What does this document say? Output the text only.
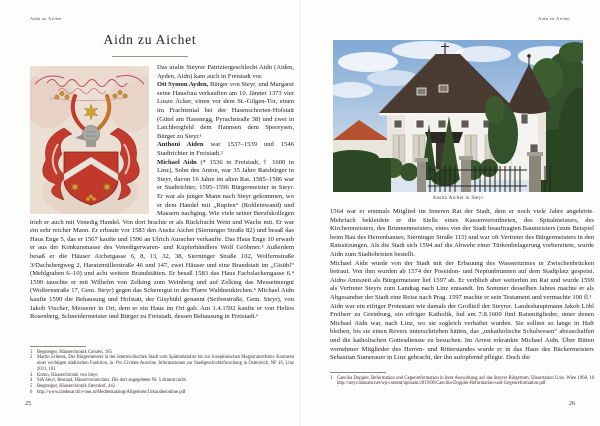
Aidn zu Aichet
Aidn zu Aichet

Das uralte Steyrer Patriziergeschlecht Aidn (Aiden, Ayden, Aidn) kam auch in Freistadt vor.

Ott Symon Ayden, Bürger von Steyr, und Margaret seine Hausfrau verkauften am 10. Jänner 1373 vier Lusze Äcker, einen vor dem St.-Gilgen-Tor, einen im Frachtental bei der Hasenschorten-Hofstatt (Gütel am Hasenegg, Pyrachstraße 38) und zwei in Laichbergfeld dem Hannsen dem Spereysen, Bürger zu Steyr.¹

Anthoni Aiden war 1537–1539 und 1546 Stadtrichter in Freistadt.²

Michael Aidn (* 1536 in Freistadt, † 1600 in Linz), Sohn des Anton, war 35 Jahre Ratsbürger in Steyr, davon 16 Jahre im alten Rat. 1585–1586 war er Stadtrichter, 1595–1596 Bürgermeister in Steyr. Er war als junger Mann nach Steyr gekommen, wo er dem Handel mit „Rupfen“ (Rohleinwand) und Massern nachging. Wie viele seiner Berufskollegen trieb er auch mit Venedig Handel. Von dort brachte er als Rückfracht Wein und Wachs mit. Er war ein sehr reicher Mann. Er erbaute vor 1583 den Ansitz Aichet (Sierninger Straße 82) und besaß das Haus Enge 5, das er 1567 kaufte und 1596 an Ulrich Auracher verkaufte. Das Haus Enge 10 erwarb er aus der Konkursmasse des Venedigerwaren- und Kupferhändlers Wolf Gröbmer.³ Außerdem besaß er die Häuser Aichetgasse 6, 8, 13, 32, 38, Sierninger Straße 102, Wolfernstraße 3/Dachsbergweg 2, Haratzmüllerstraße 46 und 147, zwei Häuser und eine Brandstatt im „Gisübl“ (Mehlgraben 6–10) und acht weitere Brandstätten. Er besaß 1583 das Haus Fachslackengasse 6.⁴ 1590 tauschte er mit Wilhelm von Zelking zum Weinberg und auf Zelking das Messeimergut (Wolfernstraße 17, Gem. Steyr) gegen das Scherergut in der Pfarre Waldneukirchen.⁵ Michael Aidn kaufte 1590 die Behausung und Hofstatt, der Gisybühl genannt (Seifenstraße, Gem. Steyr), von Jakob Vischer, Messerer in Ort, dem er ein Haus im Ort gab. Am 1.4.1592 kaufte er von Helios Rosenberg, Schneidermeister und Bürger zu Freistadt, dessen Behausung in Freistadt.⁶

1 Begsteiger, Häuserchronik Garsten, 185
2 Martin Scheutz, Der Bürgermeister in der österreichischen Stadt vom Spätmittelalter bis zur Josephinischen Magistratsreform: Konturen einer wichtigen städtischen Funktion, in: Pro Civitate Austriae, Informationen zur Stadtgeschichtsforschung in Österreich, NF 16, Linz 2011, 101
3 Krenn, Häuserchronik von Steyr
4 StA Steyr, Bestand, Häuserverzeichnis. Die dort angegebene Nr. 5 stimmt nicht.
5 Begsteiger, Häuserchronik Steyrdorf, 442
6 http://www.landesarchiv-ooe.at/Medienkatalog/Allgemein/Urkundenonline.pdf
25
Aidn zu Aichet
Ansitz Aichet in Steyr

1564 war er erstmals Mitglied im Inneren Rat der Stadt, dem er noch viele Jahre angehörte. Mehrfach bekleidete er die Stelle eines Kassenverordneten, des Spitalmeisters, des Kirchenmeisters, des Brunnenmeisters, eines von der Stadt beauftragten Baumeisters (zum Beispiel beim Bau des Herrenhauses, Sierninger Straße 115) und war oft Vertreter des Bürgermeisters in den Ratssitzungen. Als die Stadt sich 1594 auf die Abwehr einer Türkenbelagerung vorbereitete, wurde Aidn zum Stadtobristen bestellt.

Michael Aidn wurde von der Stadt mit der Erbauung des Wasserturmes in Zwischenbrücken betraut. Von ihm wurden ab 1574 der Poseidon- und Neptunbrunnen auf dem Stadtplatz gespeist. Aidns Amtszeit als Bürgermeister lief 1597 ab. Er verblieb aber weiterhin im Rat und wurde 1599 als Vertreter Steyrs zum Landtag nach Linz entsandt. Im Sommer desselben Jahres machte er als Abgesandter der Stadt eine Reise nach Prag. 1597 machte er sein Testament und vermachte 100 fl.¹

Aidn war ein eifriger Protestant wie damals der Großteil der Steyrer. Landeshauptmann Jakob Löbl Freiherr zu Greinburg, ein eifriger Katholik, lud am 7.8.1600 fünf Ratsmitglieder, unter denen Michael Aidn war, nach Linz, wo sie sogleich verhaftet wurden. Sie sollten so lange in Haft bleiben, bis sie einen Revers unterschrieben hätten, das „unkatholische Schulwesen“ abzuschaffen und die katholischen Gottesdienste zu besuchen. Im Arrest erkrankte Michael Aidn. Über Bitten vornehmer Mitglieder des Herren- und Ritterstandes wurde er in das Haus des Bäckermeisters Sebastian Sumerauer in Linz gebracht, der ihn aufopfernd pflegte. Doch die

1 Caecilia Doppler, Reformation und Gegenreformation in ihrer Auswirkung auf das Steyrer Bürgertum, Dissertation Univ. Wien 1968, 18 http://steyr.dahoam.net/wp-content/uploads/2019/09/Caecilia-Doppler-Reformation-und-Gegenreformation.pdf
26
